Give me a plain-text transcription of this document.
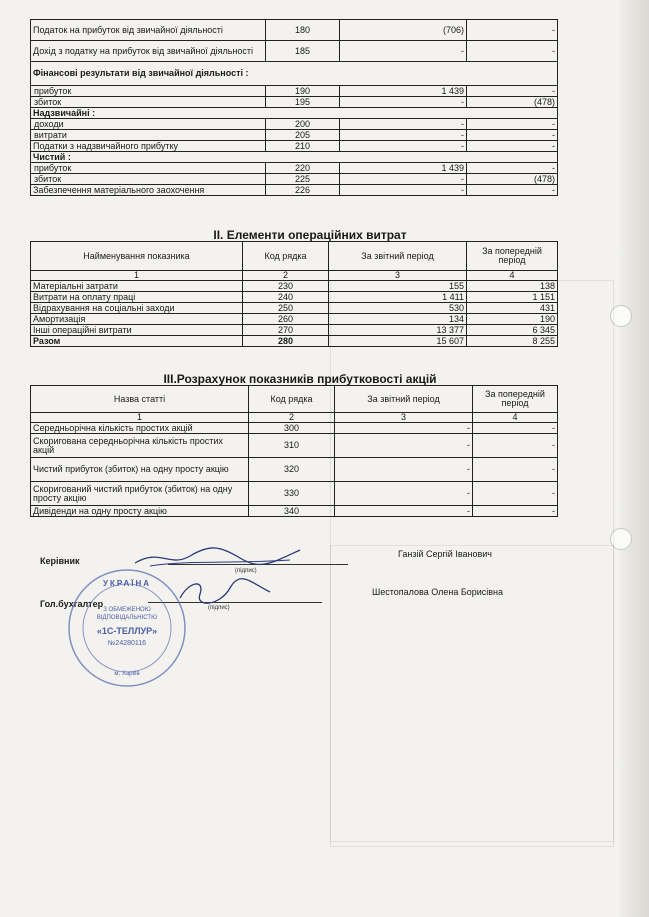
Податок на прибуток від звичайної діяльності	180	(706)	-
Дохід з податку на прибуток від звичайної діяльності	185	-	-
Фінансові результати від звичайної діяльності :			
прибуток	190	1 439	-
збиток	195	-	(478)
Надзвичайні :			
доходи	200	-	-
витрати	205	-	-
Податки з надзвичайного прибутку	210	-	-
Чистий :			
прибуток	220	1 439	-
збиток	225	-	(478)
Забезпечення матеріального заохочення	226	-	-
II. Елементи операційних витрат
Найменування показника	Код рядка	За звітний період	За попередній період
1	2	3	4
Матеріальні затрати	230	155	138
Витрати на оплату праці	240	1 411	1 151
Відрахування на соціальні заходи	250	530	431
Амортизація	260	134	190
Інші операційні витрати	270	13 377	6 345
Разом	280	15 607	8 255
III.Розрахунок показників прибутковості акцій
Назва статті	Код рядка	За звітний період	За попередній період
1	2	3	4
Середньорічна кількість простих акцій	300	-	-
Скоригована середньорічна кількість простих акцій	310	-	-
Чистий прибуток (збиток) на одну просту акцію	320	-	-
Скоригований чистий прибуток (збиток) на одну просту акцію	330	-	-
Дивіденди на одну просту акцію	340	-	-
Керівник
(підпис)
Ганзій Сергій Іванович
Гол.бухгалтер	(підпис)
Шестопалова Олена Борисівна
УКРАЇНА
З ОБМЕЖЕНОЮ
ВІДПОВІДАЛЬНІСТЮ
«1С-ТЕЛЛУР»
№24280116
м. Харків
